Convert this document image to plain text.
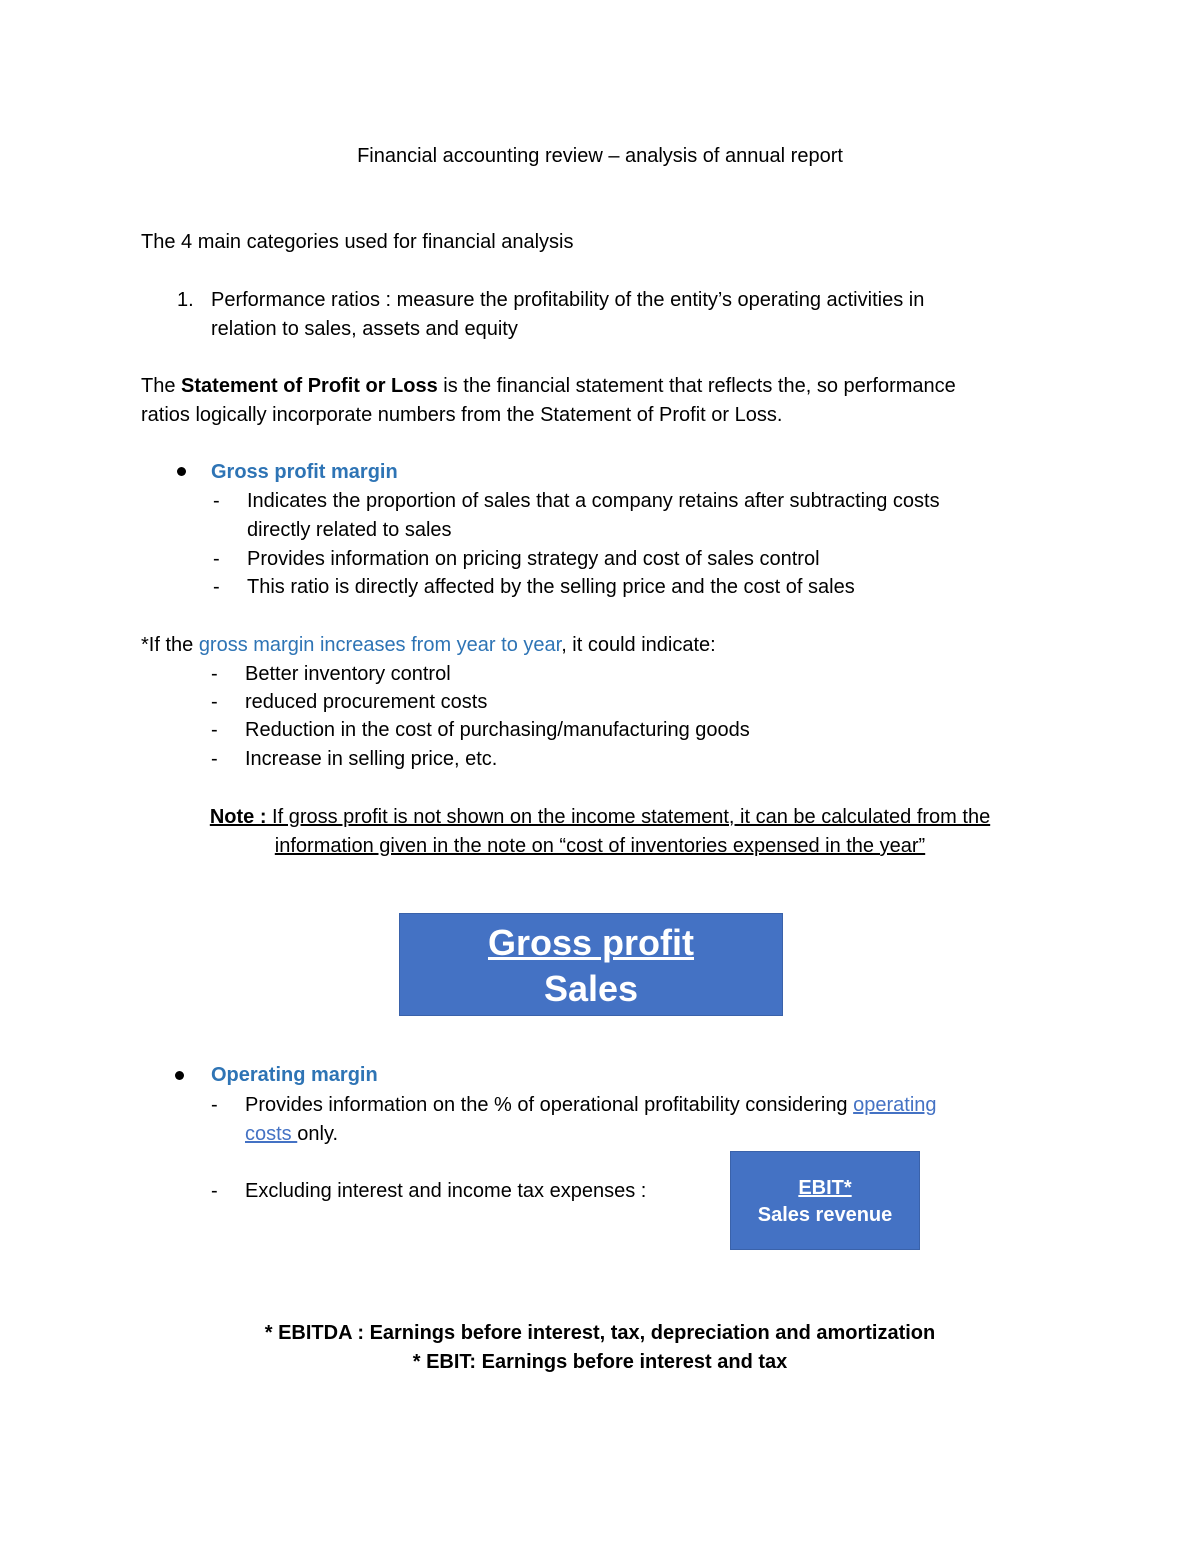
Financial accounting review – analysis of annual report
The 4 main categories used for financial analysis
1. Performance ratios : measure the profitability of the entity’s operating activities in
relation to sales, assets and equity
The Statement of Profit or Loss is the financial statement that reflects the, so performance
ratios logically incorporate numbers from the Statement of Profit or Loss.
Gross profit margin
- Indicates the proportion of sales that a company retains after subtracting costs
directly related to sales
- Provides information on pricing strategy and cost of sales control
- This ratio is directly affected by the selling price and the cost of sales
*If the gross margin increases from year to year, it could indicate:
- Better inventory control
- reduced procurement costs
- Reduction in the cost of purchasing/manufacturing goods
- Increase in selling price, etc.
Note : If gross profit is not shown on the income statement, it can be calculated from the
information given in the note on “cost of inventories expensed in the year”
Gross profit
Sales
Operating margin
- Provides information on the % of operational profitability considering operating
costs only.
- Excluding interest and income tax expenses :	EBIT*
Sales revenue
* EBITDA : Earnings before interest, tax, depreciation and amortization
* EBIT: Earnings before interest and tax
